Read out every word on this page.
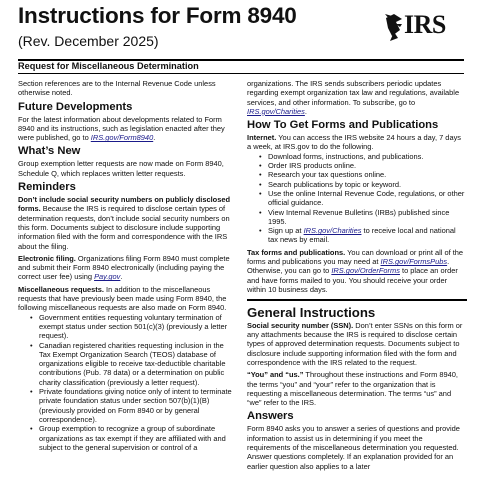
Instructions for Form 8940
(Rev. December 2025)
Request for Miscellaneous Determination
IRS

Section references are to the Internal Revenue Code unless otherwise noted.

Future Developments

For the latest information about developments related to Form 8940 and its instructions, such as legislation enacted after they were published, go to IRS.gov/Form8940.

What’s New

Group exemption letter requests are now made on Form 8940, Schedule Q, which replaces written letter requests.

Reminders

Don’t include social security numbers on publicly disclosed forms. Because the IRS is required to disclose certain types of determination requests, don’t include social security numbers on this form. Documents subject to disclosure include supporting information filed with the form and correspondence with the IRS about the filing.

Electronic filing. Organizations filing Form 8940 must complete and submit their Form 8940 electronically (including paying the correct user fee) using Pay.gov.

Miscellaneous requests. In addition to the miscellaneous requests that have previously been made using Form 8940, the following miscellaneous requests are also made on Form 8940.

• Government entities requesting voluntary termination of exempt status under section 501(c)(3) (previously a letter request).
• Canadian registered charities requesting inclusion in the Tax Exempt Organization Search (TEOS) database of organizations eligible to receive tax-deductible charitable contributions (Pub. 78 data) or a determination on public charity classification (previously a letter request).
• Private foundations giving notice only of intent to terminate private foundation status under section 507(b)(1)(B) (previously provided on Form 8940 or by general correspondence).
• Group exemption to recognize a group of subordinate organizations as tax exempt if they are affiliated with and subject to the general supervision or control of a

organizations. The IRS sends subscribers periodic updates regarding exempt organization tax law and regulations, available services, and other information. To subscribe, go to IRS.gov/Charities.

How To Get Forms and Publications

Internet. You can access the IRS website 24 hours a day, 7 days a week, at IRS.gov to do the following.

• Download forms, instructions, and publications.
• Order IRS products online.
• Research your tax questions online.
• Search publications by topic or keyword.
• Use the online Internal Revenue Code, regulations, or other official guidance.
• View Internal Revenue Bulletins (IRBs) published since 1995.
• Sign up at IRS.gov/Charities to receive local and national tax news by email.

Tax forms and publications. You can download or print all of the forms and publications you may need at IRS.gov/FormsPubs. Otherwise, you can go to IRS.gov/OrderForms to place an order and have forms mailed to you. You should receive your order within 10 business days.

General Instructions

Social security number (SSN). Don’t enter SSNs on this form or any attachments because the IRS is required to disclose certain types of approved determination requests. Documents subject to disclosure include supporting information filed with the form and correspondence with the IRS related to the request.

“You” and “us.” Throughout these instructions and Form 8940, the terms “you” and “your” refer to the organization that is requesting a miscellaneous determination. The terms “us” and “we” refer to the IRS.

Answers

Form 8940 asks you to answer a series of questions and provide information to assist us in determining if you meet the requirements of the miscellaneous determination you requested. Answer questions completely. If an explanation provided for an earlier question also applies to a later
